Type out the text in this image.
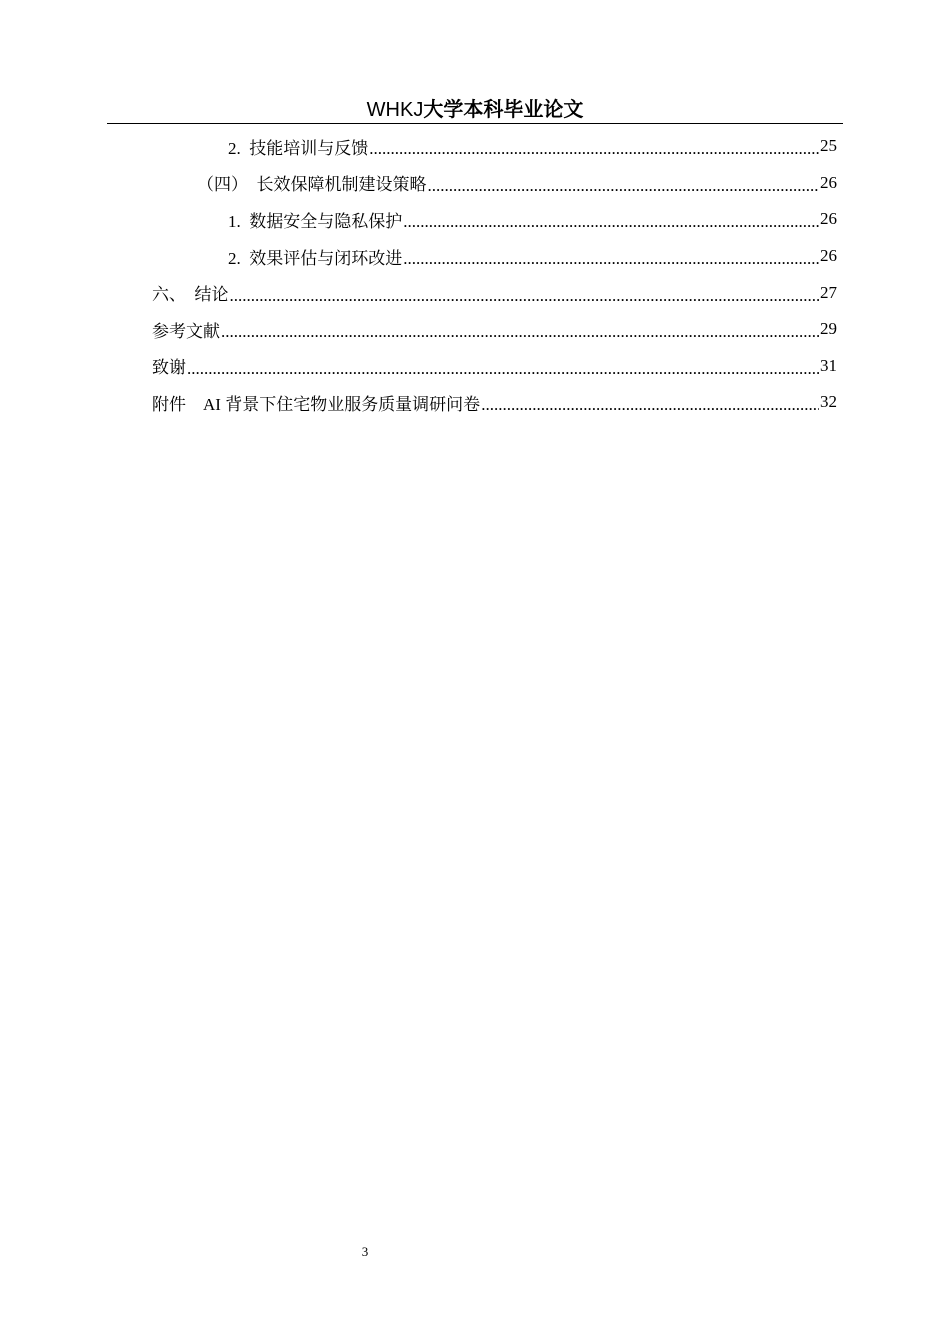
WHKJ大学本科毕业论文
2.  技能培训与反馈 .....	25
（四）  长效保障机制建设策略 .....	26
1.  数据安全与隐私保护 .....	26
2.  效果评估与闭环改进 .....	26
六、  结论 .....	27
参考文献 .....	29
致谢 .....	31
附件    AI 背景下住宅物业服务质量调研问卷 .....	32
3
